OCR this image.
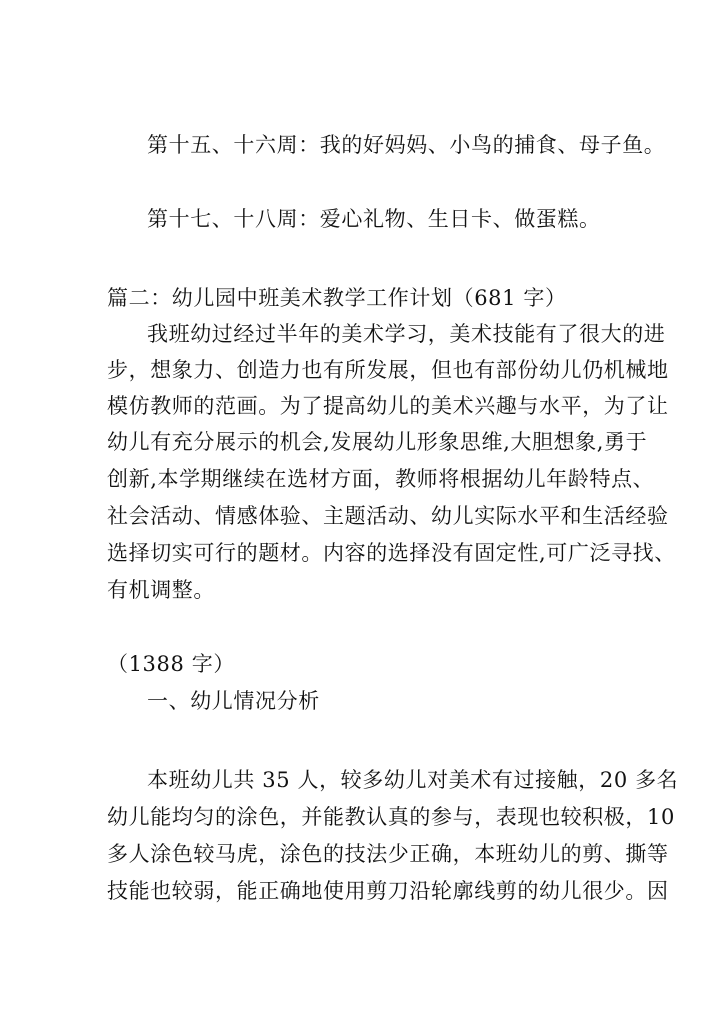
第十五、十六周：我的好妈妈、小鸟的捕食、母子鱼。
第十七、十八周：爱心礼物、生日卡、做蛋糕。
篇二：幼儿园中班美术教学工作计划（681 字）
我班幼过经过半年的美术学习，美术技能有了很大的进
步，想象力、创造力也有所发展，但也有部份幼儿仍机械地
模仿教师的范画。为了提高幼儿的美术兴趣与水平，为了让
幼儿有充分展示的机会,发展幼儿形象思维,大胆想象,勇于
创新,本学期继续在选材方面，教师将根据幼儿年龄特点、
社会活动、情感体验、主题活动、幼儿实际水平和生活经验
选择切实可行的题材。内容的选择没有固定性,可广泛寻找、
有机调整。
（1388 字）
一、幼儿情况分析
本班幼儿共 35 人，较多幼儿对美术有过接触，20 多名
幼儿能均匀的涂色，并能教认真的参与，表现也较积极，10
多人涂色较马虎，涂色的技法少正确，本班幼儿的剪、撕等
技能也较弱，能正确地使用剪刀沿轮廓线剪的幼儿很少。因
